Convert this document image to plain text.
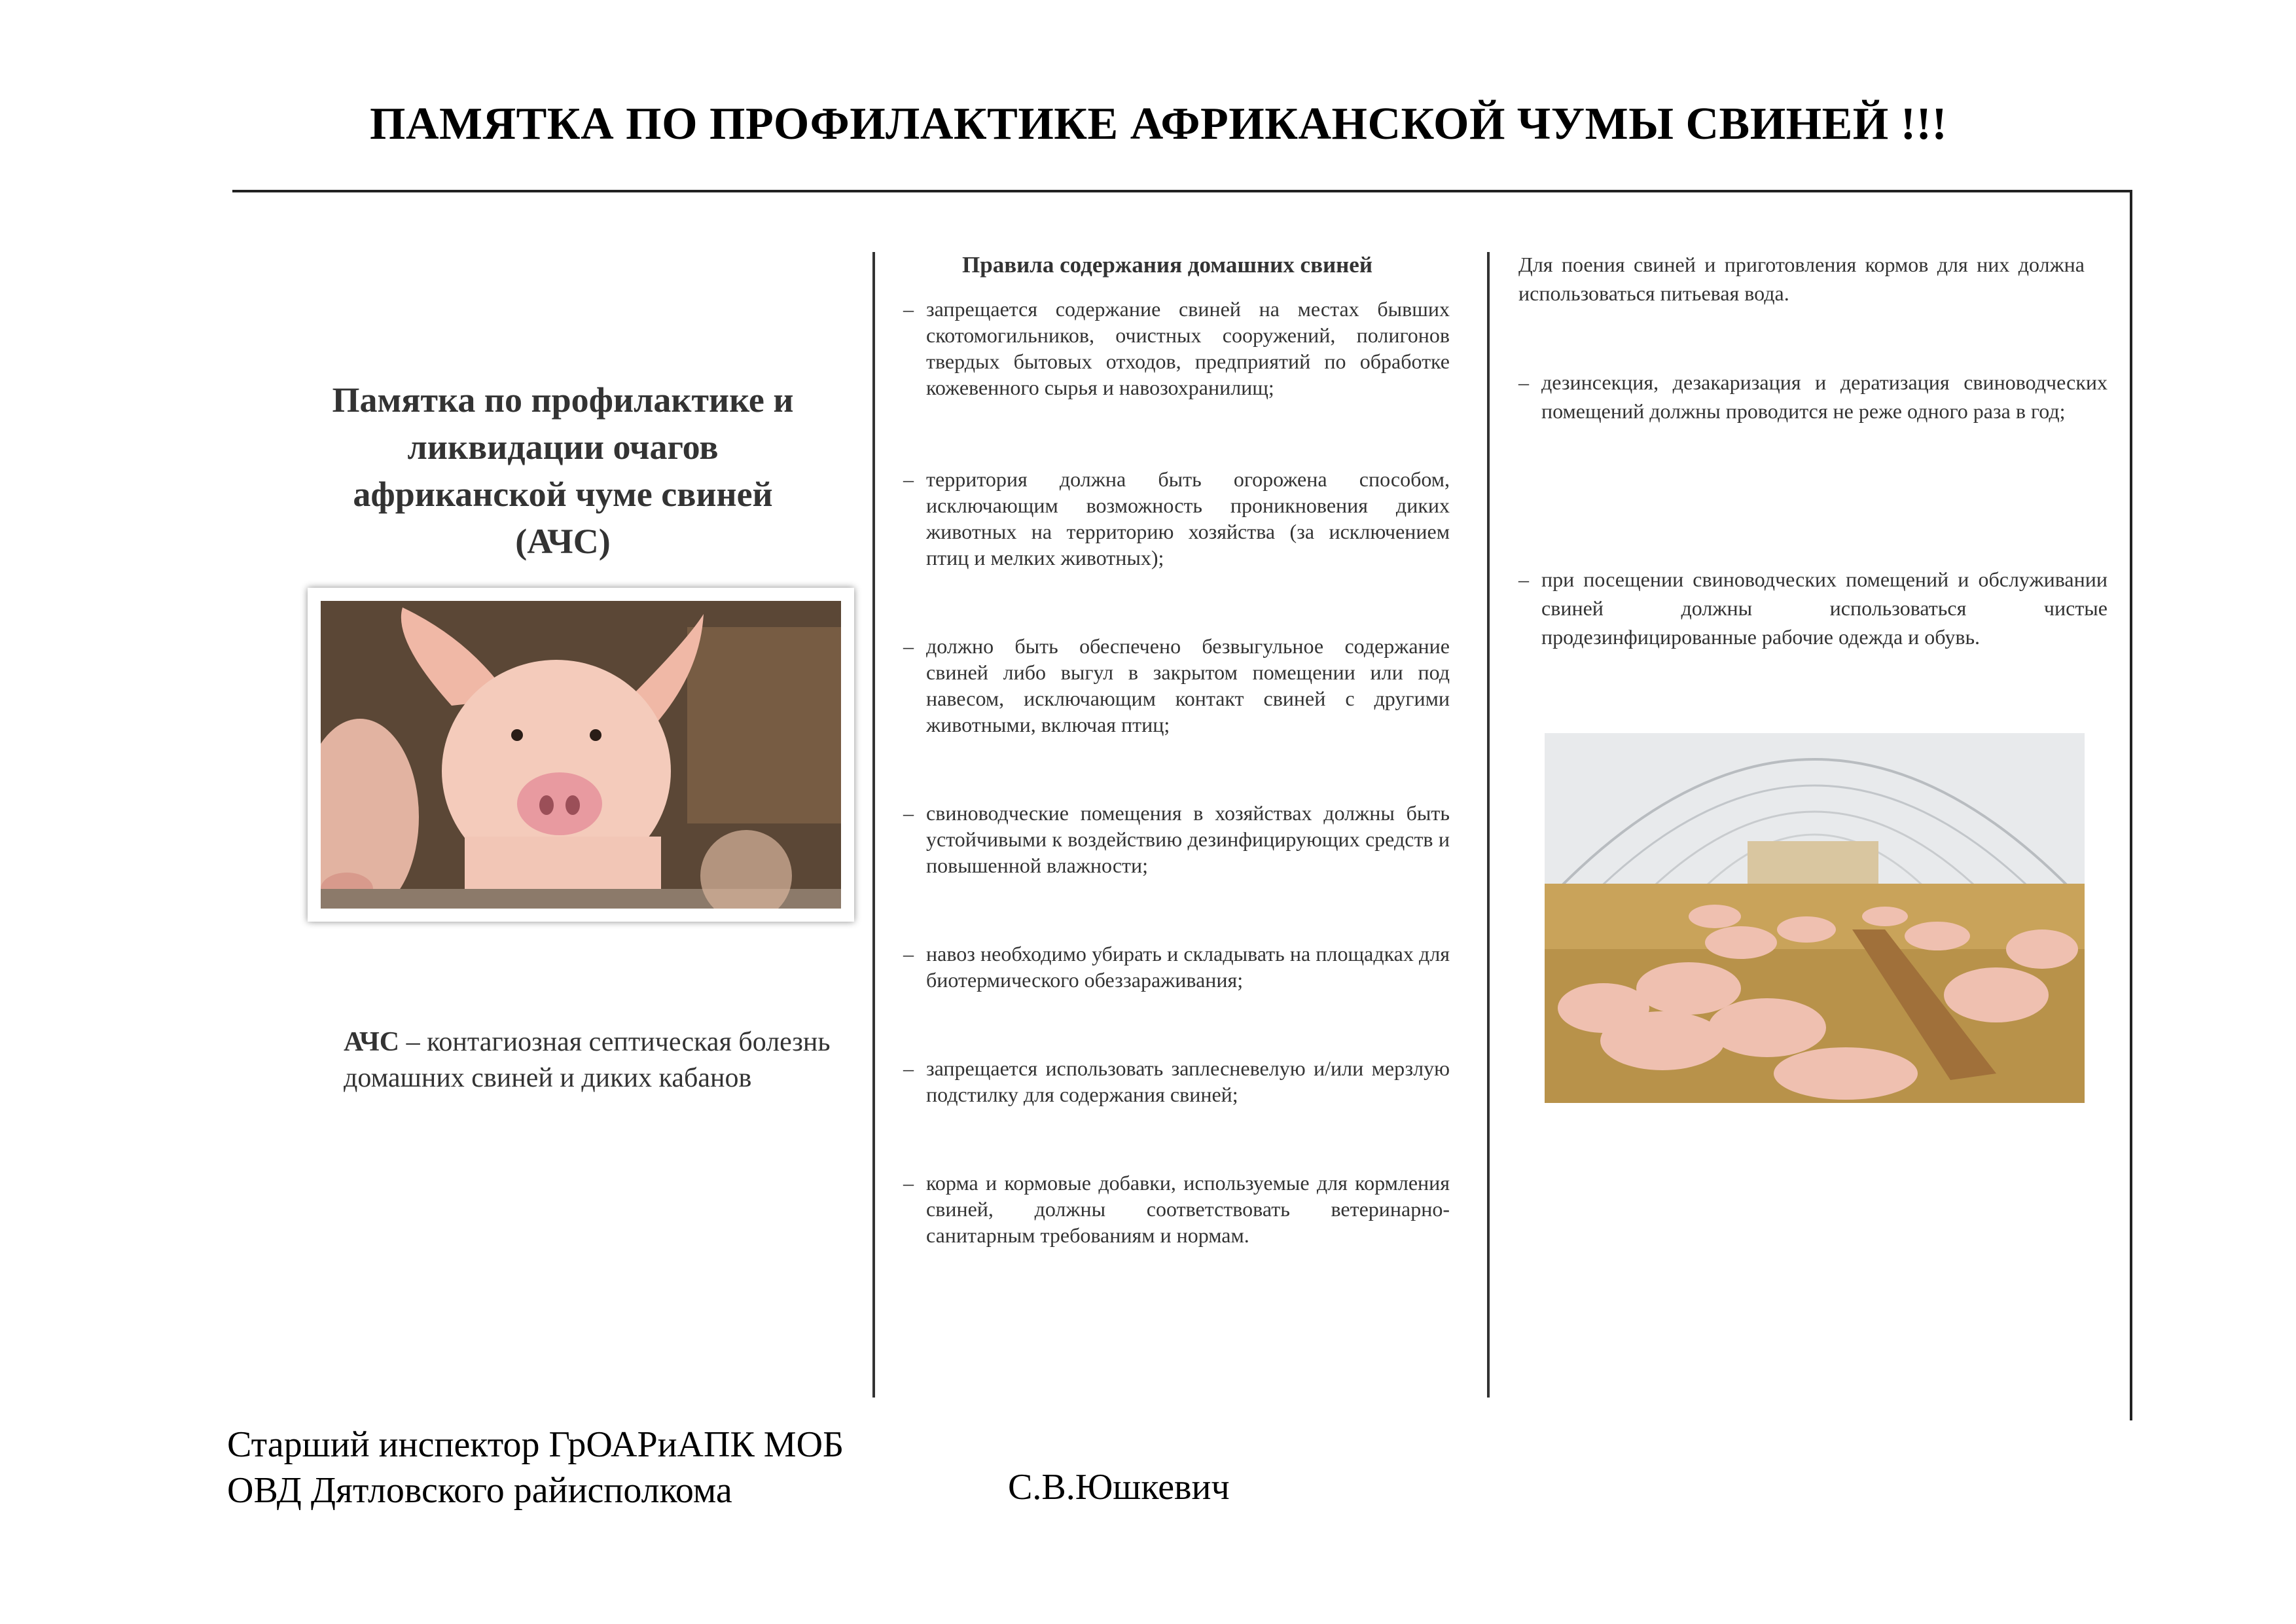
ПАМЯТКА ПО ПРОФИЛАКТИКЕ АФРИКАНСКОЙ ЧУМЫ СВИНЕЙ !!!
Памятка по профилактике и
ликвидации очагов
африканской чуме свиней
(АЧС)
АЧС – контагиозная септическая болезнь домашних свиней и диких кабанов
Правила содержания домашних свиней
– запрещается содержание свиней на местах бывших скотомогильников, очистных сооружений, полигонов твердых бытовых отходов, предприятий по обработке кожевенного сырья и навозохранилищ;
– территория должна быть огорожена способом, исключающим возможность проникновения диких животных на территорию хозяйства (за исключением птиц и мелких животных);
– должно быть обеспечено безвыгульное содержание свиней либо выгул в закрытом помещении или под навесом, исключающим контакт свиней с другими животными, включая птиц;
– свиноводческие помещения в хозяйствах должны быть устойчивыми к воздействию дезинфицирующих средств и повышенной влажности;
– навоз необходимо убирать и складывать на площадках для биотермического обеззараживания;
– запрещается использовать заплесневелую и/или мерзлую подстилку для содержания свиней;
– корма и кормовые добавки, используемые для кормления свиней, должны соответствовать ветеринарно-санитарным требованиям и нормам.
Для поения свиней и приготовления кормов для них должна использоваться питьевая вода.
– дезинсекция, дезакаризация и дератизация свиноводческих помещений должны проводится не реже одного раза в год;
– при посещении свиноводческих помещений и обслуживании свиней должны использоваться чистые продезинфицированные рабочие одежда и обувь.
Старший инспектор ГрОАРиАПК МОБ
ОВД Дятловского райисполкома	С.В.Юшкевич
